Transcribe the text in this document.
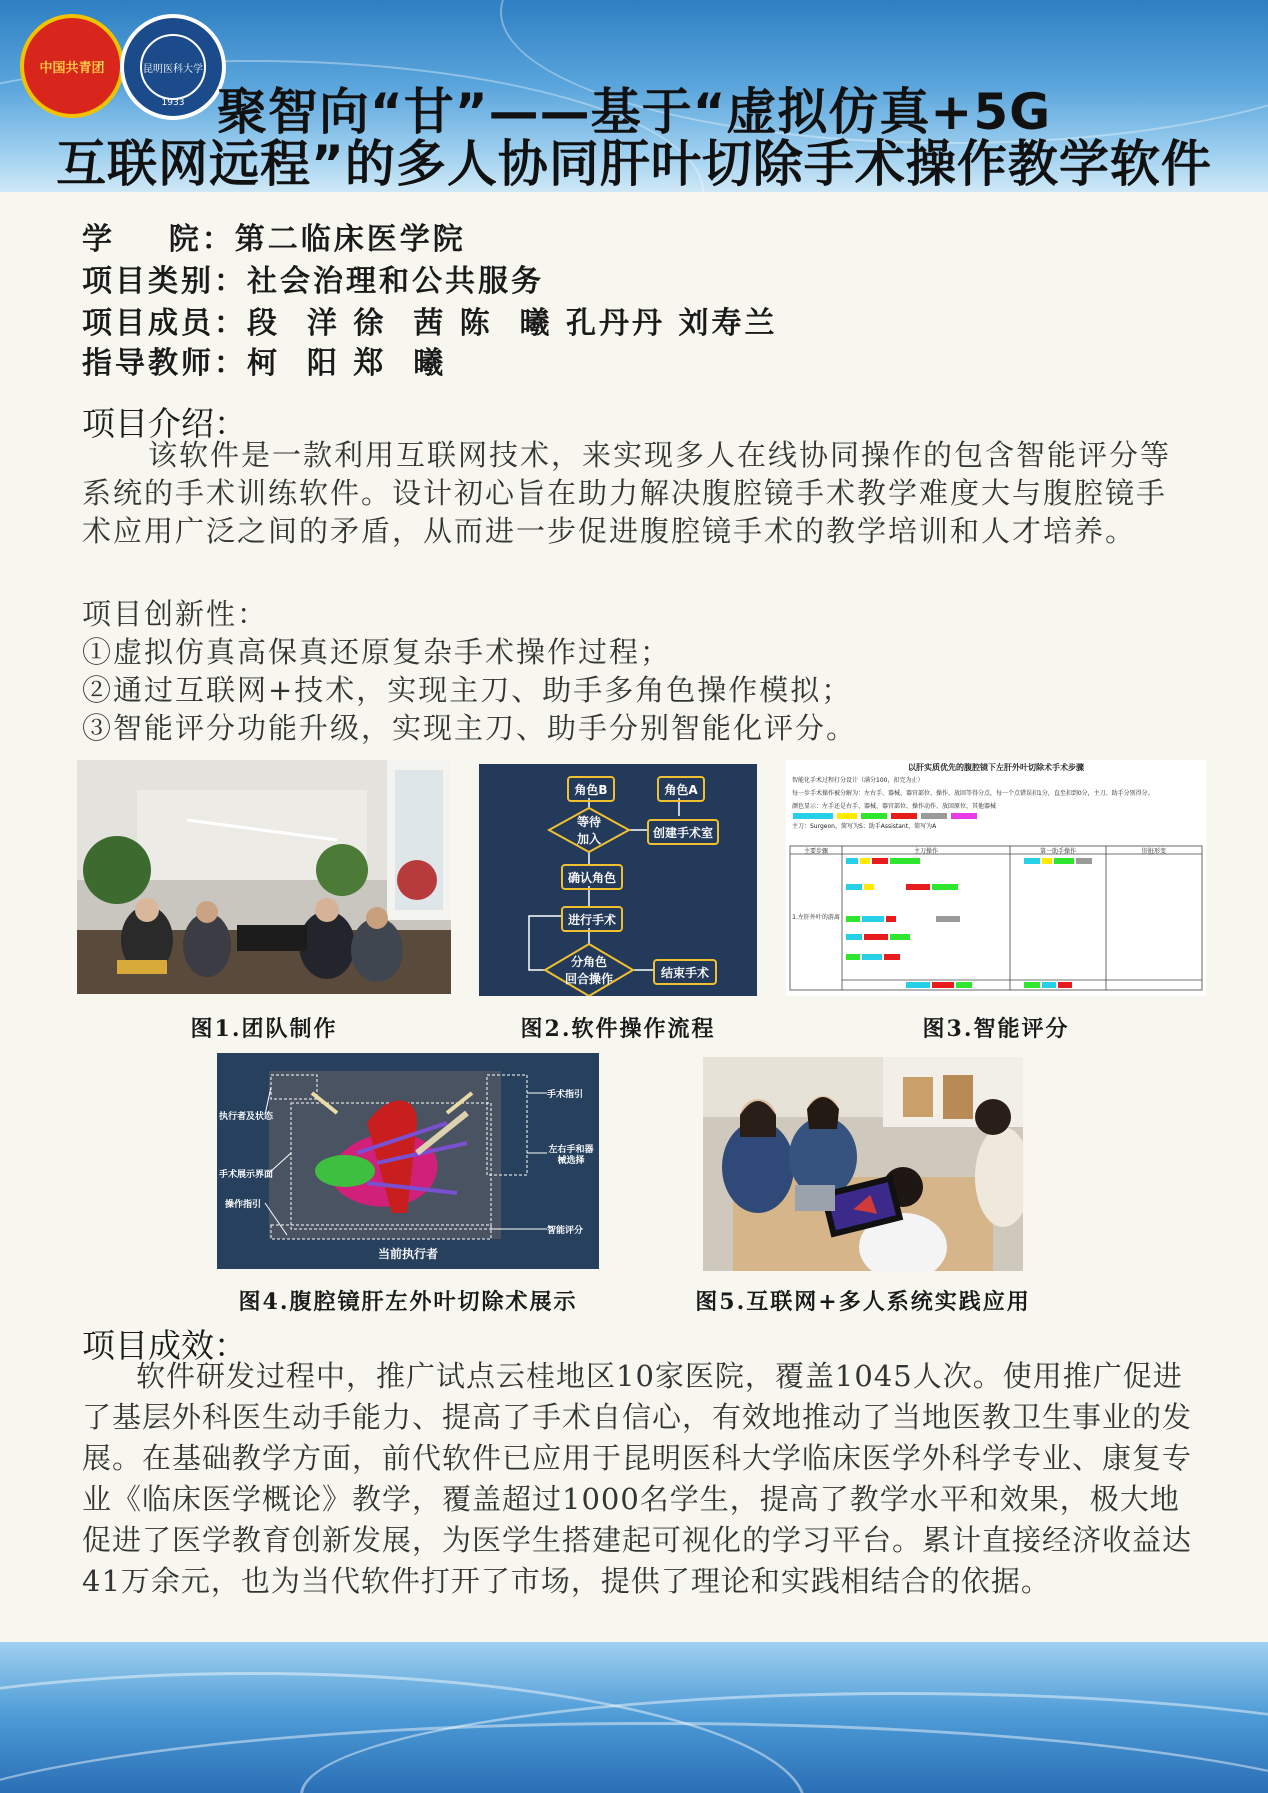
中国共青团	昆明医科大学
1933 聚智向“甘”——基于“虚拟仿真+5G
互联网远程”的多人协同肝叶切除手术操作教学软件
学    院：第二临床医学院
项目类别：社会治理和公共服务
项目成员：段  洋 徐  茜 陈  曦 孔丹丹 刘寿兰
指导教师：柯  阳 郑  曦
项目介绍：
该软件是一款利用互联网技术，来实现多人在线协同操作的包含智能评分等系统的手术训练软件。设计初心旨在助力解决腹腔镜手术教学难度大与腹腔镜手术应用广泛之间的矛盾，从而进一步促进腹腔镜手术的教学培训和人才培养。
项目创新性：
①虚拟仿真高保真还原复杂手术操作过程；
②通过互联网+技术，实现主刀、助手多角色操作模拟；
③智能评分功能升级，实现主刀、助手分别智能化评分。
角色B	角色A
等待
加入	创建手术室
确认角色
进行手术
分角色
回合操作	结束手术
以肝实质优先的腹腔镜下左肝外叶切除术手术步骤
智能化手术过程打分设计（满分100，扣完为止）
每一步手术操作被分解为：左右手、器械、器官部位、操作、放回等得分点，每一个点错误扣1分，直至扣到0分，主刀、助手分别得分。
颜色显示：左手还是右手、器械、器官部位、操作动作、放回原位、其他器械

主刀：Surgeon，简写为S；助手Assistant，简写为A
主要步骤	主刀操作	第一助手操作	肝脏形变
1.左肝外叶的游离
图1.团队制作	图2.软件操作流程	图3.智能评分
执行者及状态
手术展示界面
操作指引
手术指引
左右手和器械选择
智能评分
当前执行者
图4.腹腔镜肝左外叶切除术展示	图5.互联网+多人系统实践应用
项目成效：
软件研发过程中，推广试点云桂地区10家医院，覆盖1045人次。使用推广促进了基层外科医生动手能力、提高了手术自信心，有效地推动了当地医教卫生事业的发展。在基础教学方面，前代软件已应用于昆明医科大学临床医学外科学专业、康复专业《临床医学概论》教学，覆盖超过1000名学生，提高了教学水平和效果，极大地促进了医学教育创新发展，为医学生搭建起可视化的学习平台。累计直接经济收益达41万余元，也为当代软件打开了市场，提供了理论和实践相结合的依据。
